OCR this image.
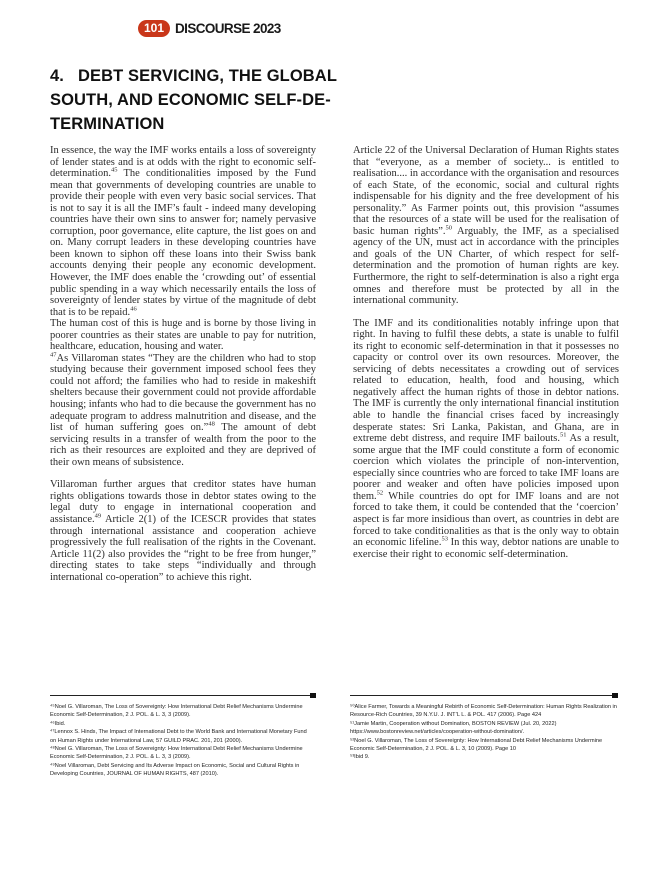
101 DISCOURSE 2023
4.   DEBT SERVICING, THE GLOBAL SOUTH, AND ECONOMIC SELF-DE-TERMINATION

In essence, the way the IMF works entails a loss of sovereignty of lender states and is at odds with the right to economic self-determination.$^{45}$ The conditionalities imposed by the Fund mean that governments of developing countries are unable to provide their people with even very basic social services. That is not to say it is all the IMF’s fault - indeed many developing countries have their own sins to answer for; namely pervasive corruption, poor governance, elite capture, the list goes on and on. Many corrupt leaders in these developing countries have been known to siphon off these loans into their Swiss bank accounts denying their people any economic development. However, the IMF does enable the ‘crowding out’ of essential public spending in a way which necessarily entails the loss of sovereignty of lender states by virtue of the magnitude of debt that is to be repaid.$^{46}$

The human cost of this is huge and is borne by those living in poorer countries as their states are unable to pay for nutrition, healthcare, education, housing and water.
$^{47}$As Villaroman states “They are the children who had to stop studying because their government imposed school fees they could not afford; the families who had to reside in makeshift shelters because their government could not provide affordable housing; infants who had to die because the government has no adequate program to address malnutrition and disease, and the list of human suffering goes on.”$^{48}$ The amount of debt servicing results in a transfer of wealth from the poor to the rich as their resources are exploited and they are deprived of their own means of subsistence.

Villaroman further argues that creditor states have human rights obligations towards those in debtor states owing to the legal duty to engage in international cooperation and assistance.$^{49}$ Article 2(1) of the ICESCR provides that states through international assistance and cooperation achieve progressively the full realisation of the rights in the Covenant. Article 11(2) also provides the “right to be free from hunger,” directing states to take steps “individually and through international co-operation” to achieve this right.

Article 22 of the Universal Declaration of Human Rights states that “everyone, as a member of society... is entitled to realisation.... in accordance with the organisation and resources of each State, of the economic, social and cultural rights indispensable for his dignity and the free development of his personality.” As Farmer points out, this provision “assumes that the resources of a state will be used for the realisation of basic human rights”.$^{50}$ Arguably, the IMF, as a specialised agency of the UN, must act in accordance with the principles and goals of the UN Charter, of which respect for self-determination and the promotion of human rights are key. Furthermore, the right to self-determination is also a right erga omnes and therefore must be protected by all in the international community.

The IMF and its conditionalities notably infringe upon that right. In having to fulfil these debts, a state is unable to fulfil its right to economic self-determination in that it possesses no capacity or control over its own resources. Moreover, the servicing of debts necessitates a crowding out of services related to education, health, food and housing, which negatively affect the human rights of those in debtor nations. The IMF is currently the only international financial institution able to handle the financial crises faced by increasingly desperate states: Sri Lanka, Pakistan, and Ghana, are in extreme debt distress, and require IMF bailouts.$^{51}$ As a result, some argue that the IMF could constitute a form of economic coercion which violates the principle of non-intervention, especially since countries who are forced to take IMF loans are poorer and weaker and often have policies imposed upon them.$^{52}$ While countries do opt for IMF loans and are not forced to take them, it could be contended that the ‘coercion’ aspect is far more insidious than overt, as countries in debt are forced to take conditionalities as that is the only way to obtain an economic lifeline.$^{53}$ In this way, debtor nations are unable to exercise their right to economic self-determination.

⁴⁵Noel G. Villaroman, The Loss of Sovereignty: How International Debt Relief Mechanisms Undermine Economic Self-Determination, 2 J. POL. & L. 3, 3 (2009).
⁴⁶Ibid.
⁴⁷Lennox S. Hinds, The Impact of International Debt to the World Bank and International Monetary Fund on Human Rights under International Law, 57 GUILD PRAC. 201, 201 (2000).
⁴⁸Noel G. Villaroman, The Loss of Sovereignty: How International Debt Relief Mechanisms Undermine Economic Self-Determination, 2 J. POL. & L. 3, 3 (2009).
⁴⁹Noel Villaroman, Debt Servicing and Its Adverse Impact on Economic, Social and Cultural Rights in Developing Countries, JOURNAL OF HUMAN RIGHTS, 487 (2010).
⁵⁰Alice Farmer, Towards a Meaningful Rebirth of Economic Self-Determination: Human Rights Realization in Resource-Rich Countries, 39 N.Y.U. J. INT’L L. & POL. 417 (2006). Page 424
⁵¹Jamie Martin, Cooperation without Domination, BOSTON REVIEW (Jul. 20, 2022) https://www.bostonreview.net/articles/cooperation-without-domination/.
⁵²Noel G. Villaroman, The Loss of Sovereignty: How International Debt Relief Mechanisms Undermine Economic Self-Determination, 2 J. POL. & L. 3, 10 (2009). Page 10
⁵³Ibid 9.
